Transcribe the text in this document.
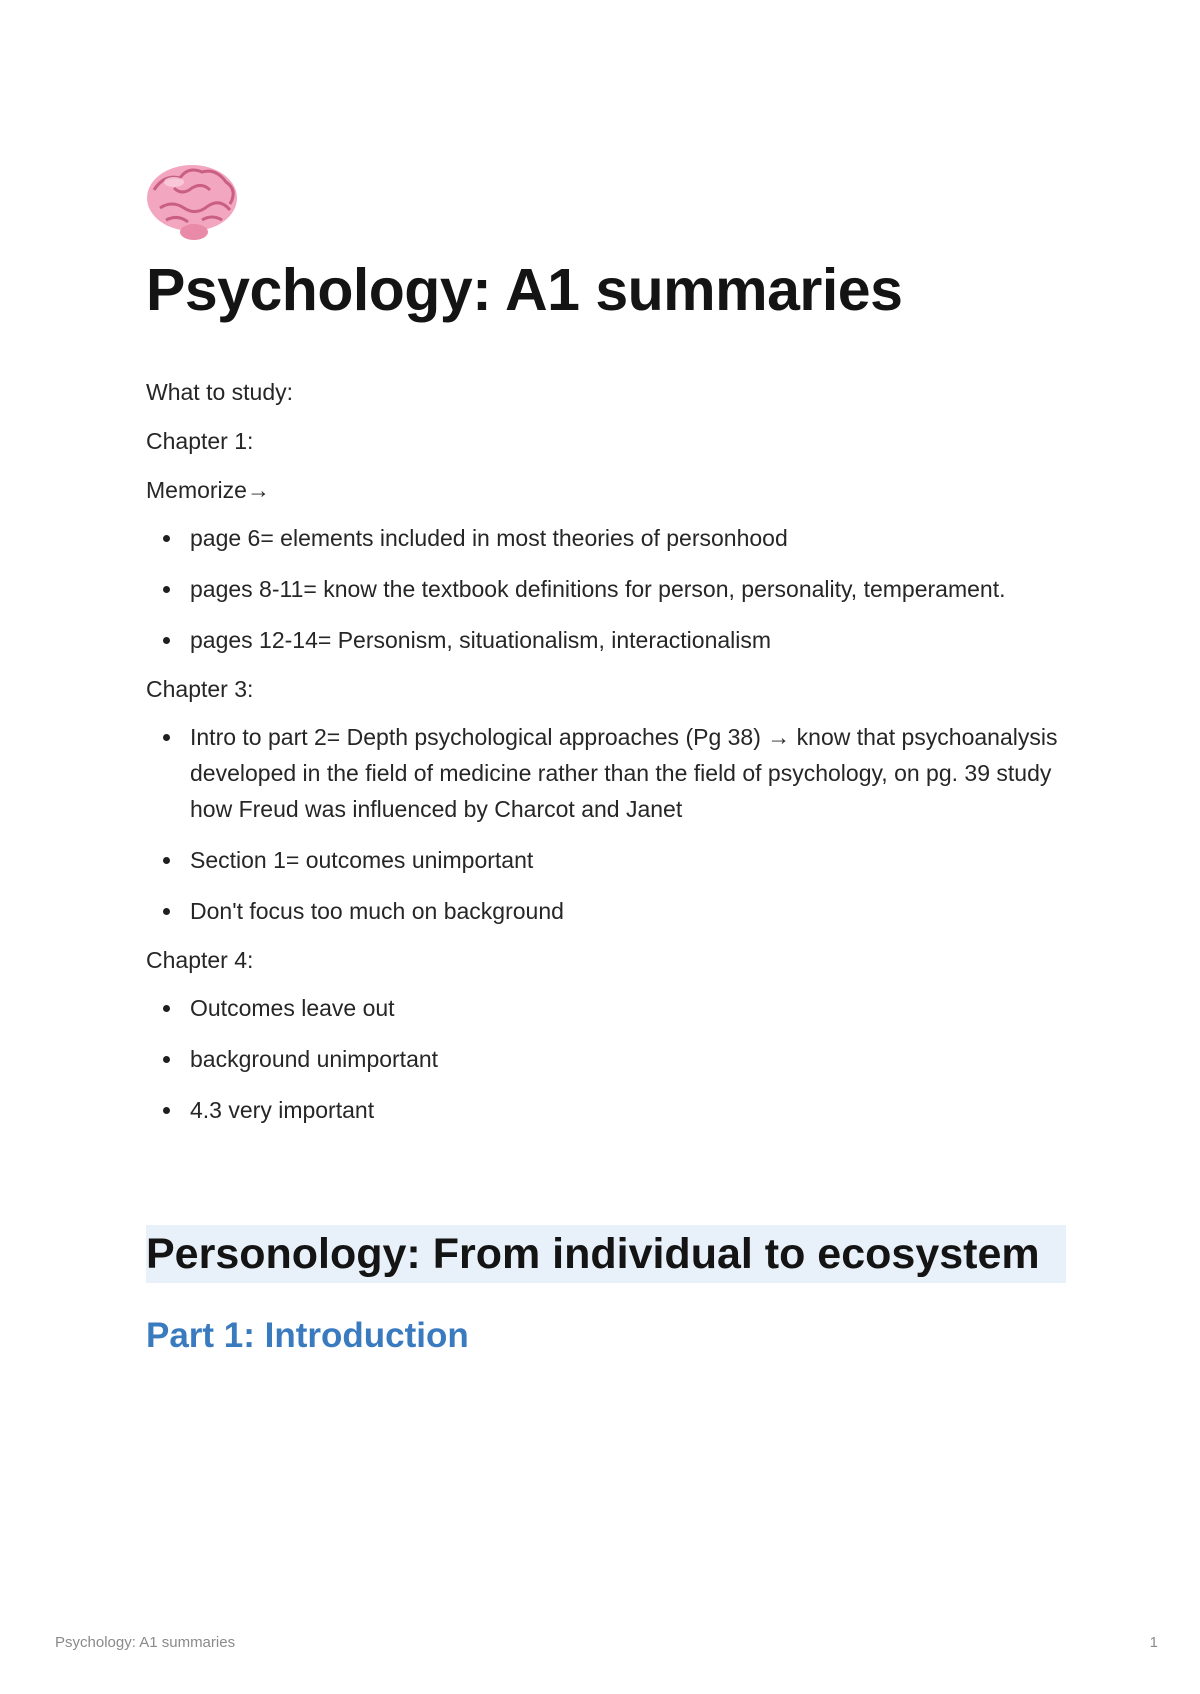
Psychology: A1 summaries

What to study:

Chapter 1:

Memorize→

page 6= elements included in most theories of personhood
pages 8-11= know the textbook definitions for person, personality, temperament.
pages 12-14= Personism, situationalism, interactionalism

Chapter 3:

Intro to part 2= Depth psychological approaches (Pg 38) → know that psychoanalysis developed in the field of medicine rather than the field of psychology, on pg. 39 study how Freud was influenced by Charcot and Janet
Section 1= outcomes unimportant
Don't focus too much on background

Chapter 4:

Outcomes leave out
background unimportant
4.3 very important
Personology: From individual to ecosystem
Part 1: Introduction
Psychology: A1 summaries	1
